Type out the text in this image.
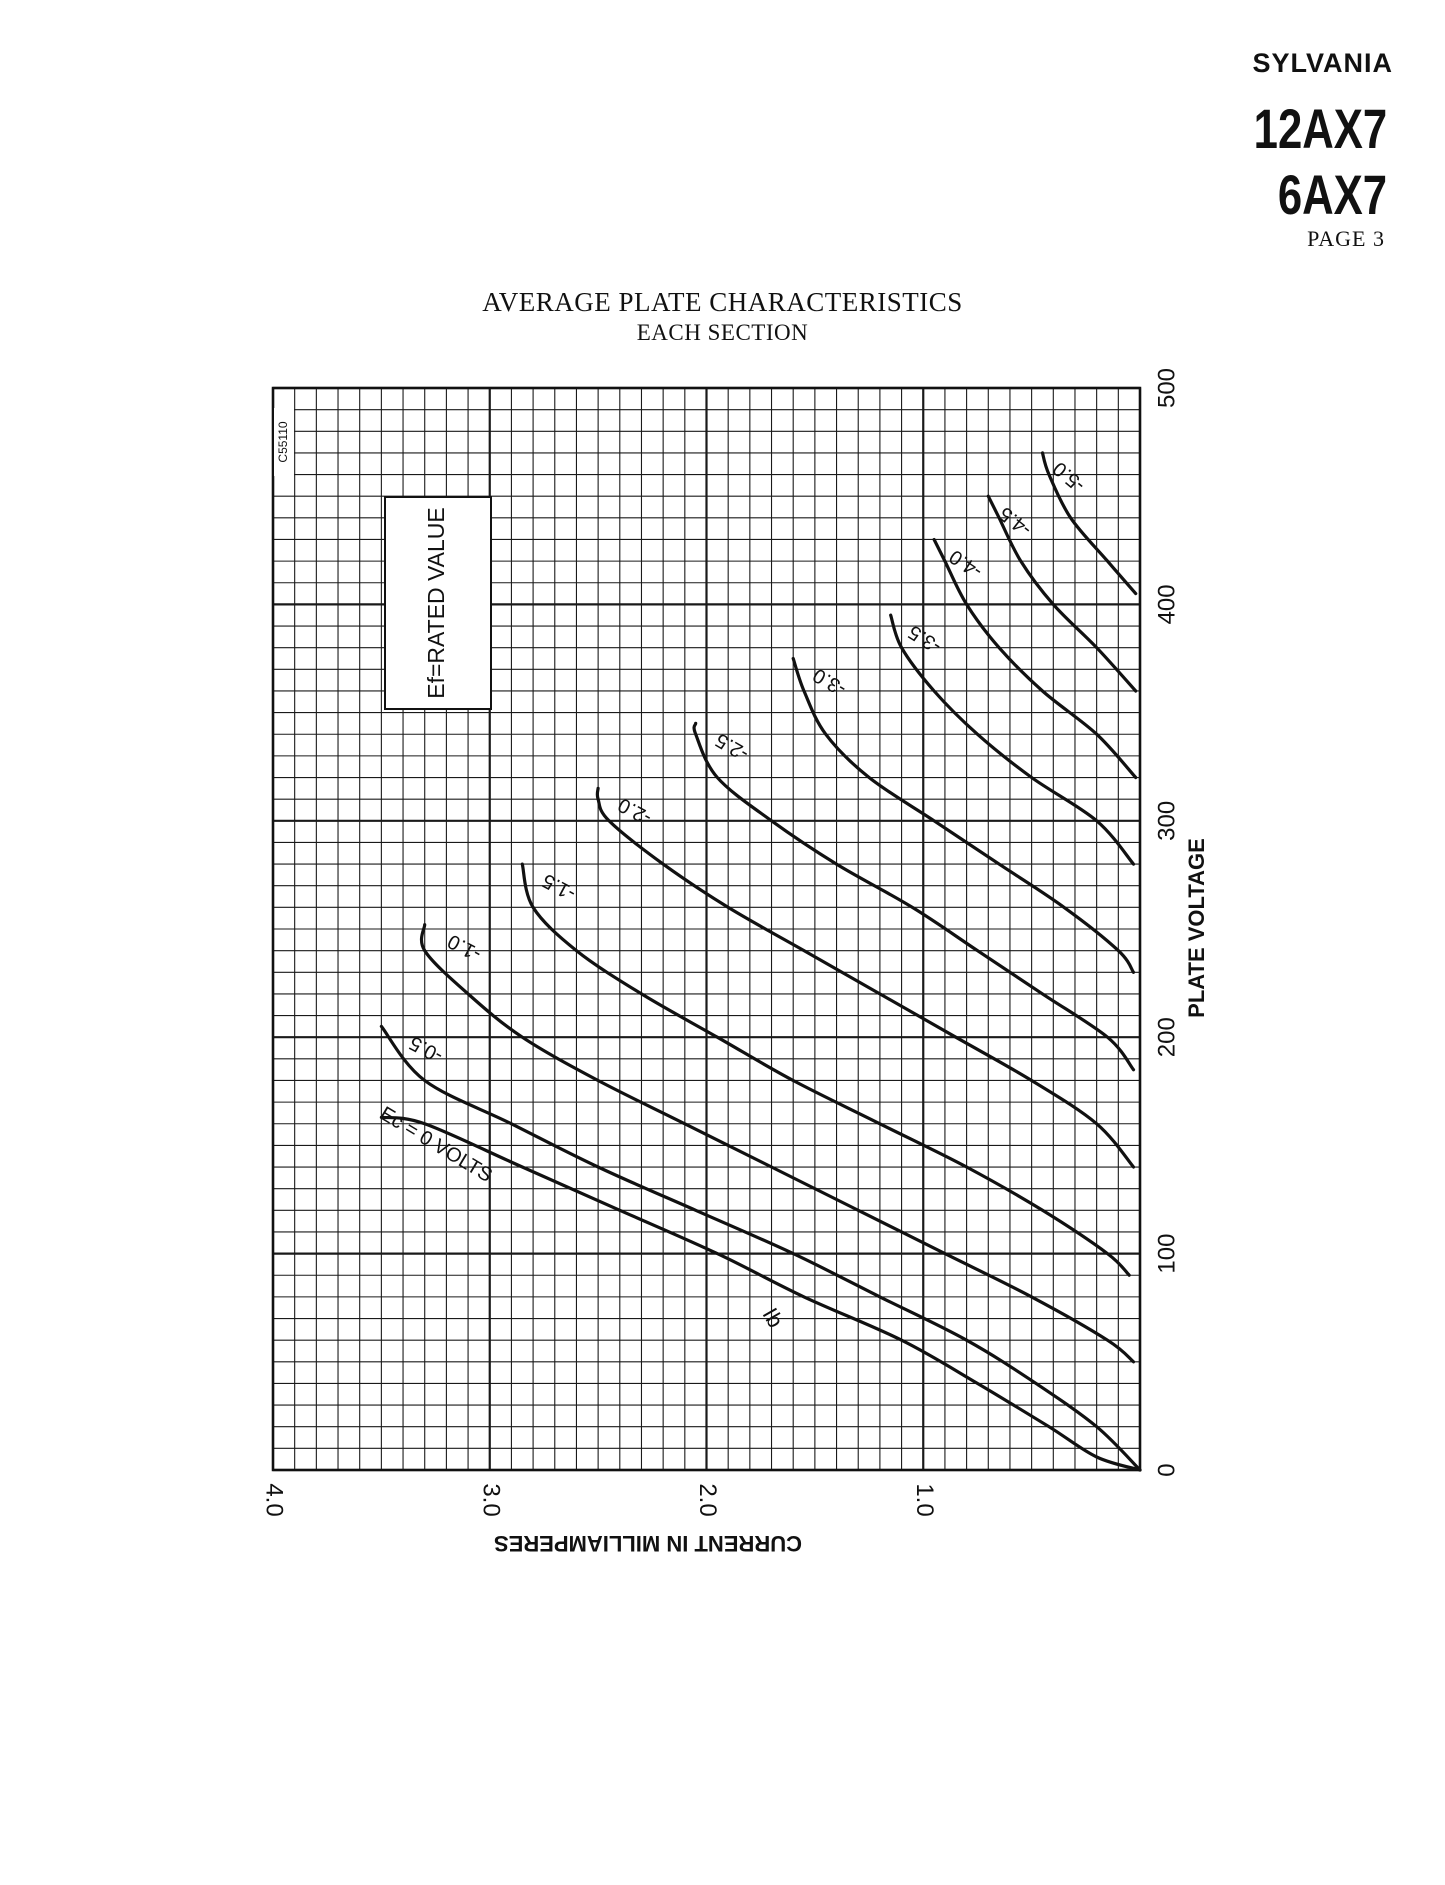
SYLVANIA
12AX7
6AX7
PAGE 3
AVERAGE PLATE CHARACTERISTICS
EACH SECTION
Ec = 0 VOLTS
-0.5
-1.0
-1.5
-2.0
-2.5
-3.0
-3.5
-4.0
-4.5
-5.0
Ib
Ef=RATED VALUE
C55110
0
100
200
300
400
500
4.0	3.0	2.0	1.0
PLATE VOLTAGE
CURRENT IN MILLIAMPERES
